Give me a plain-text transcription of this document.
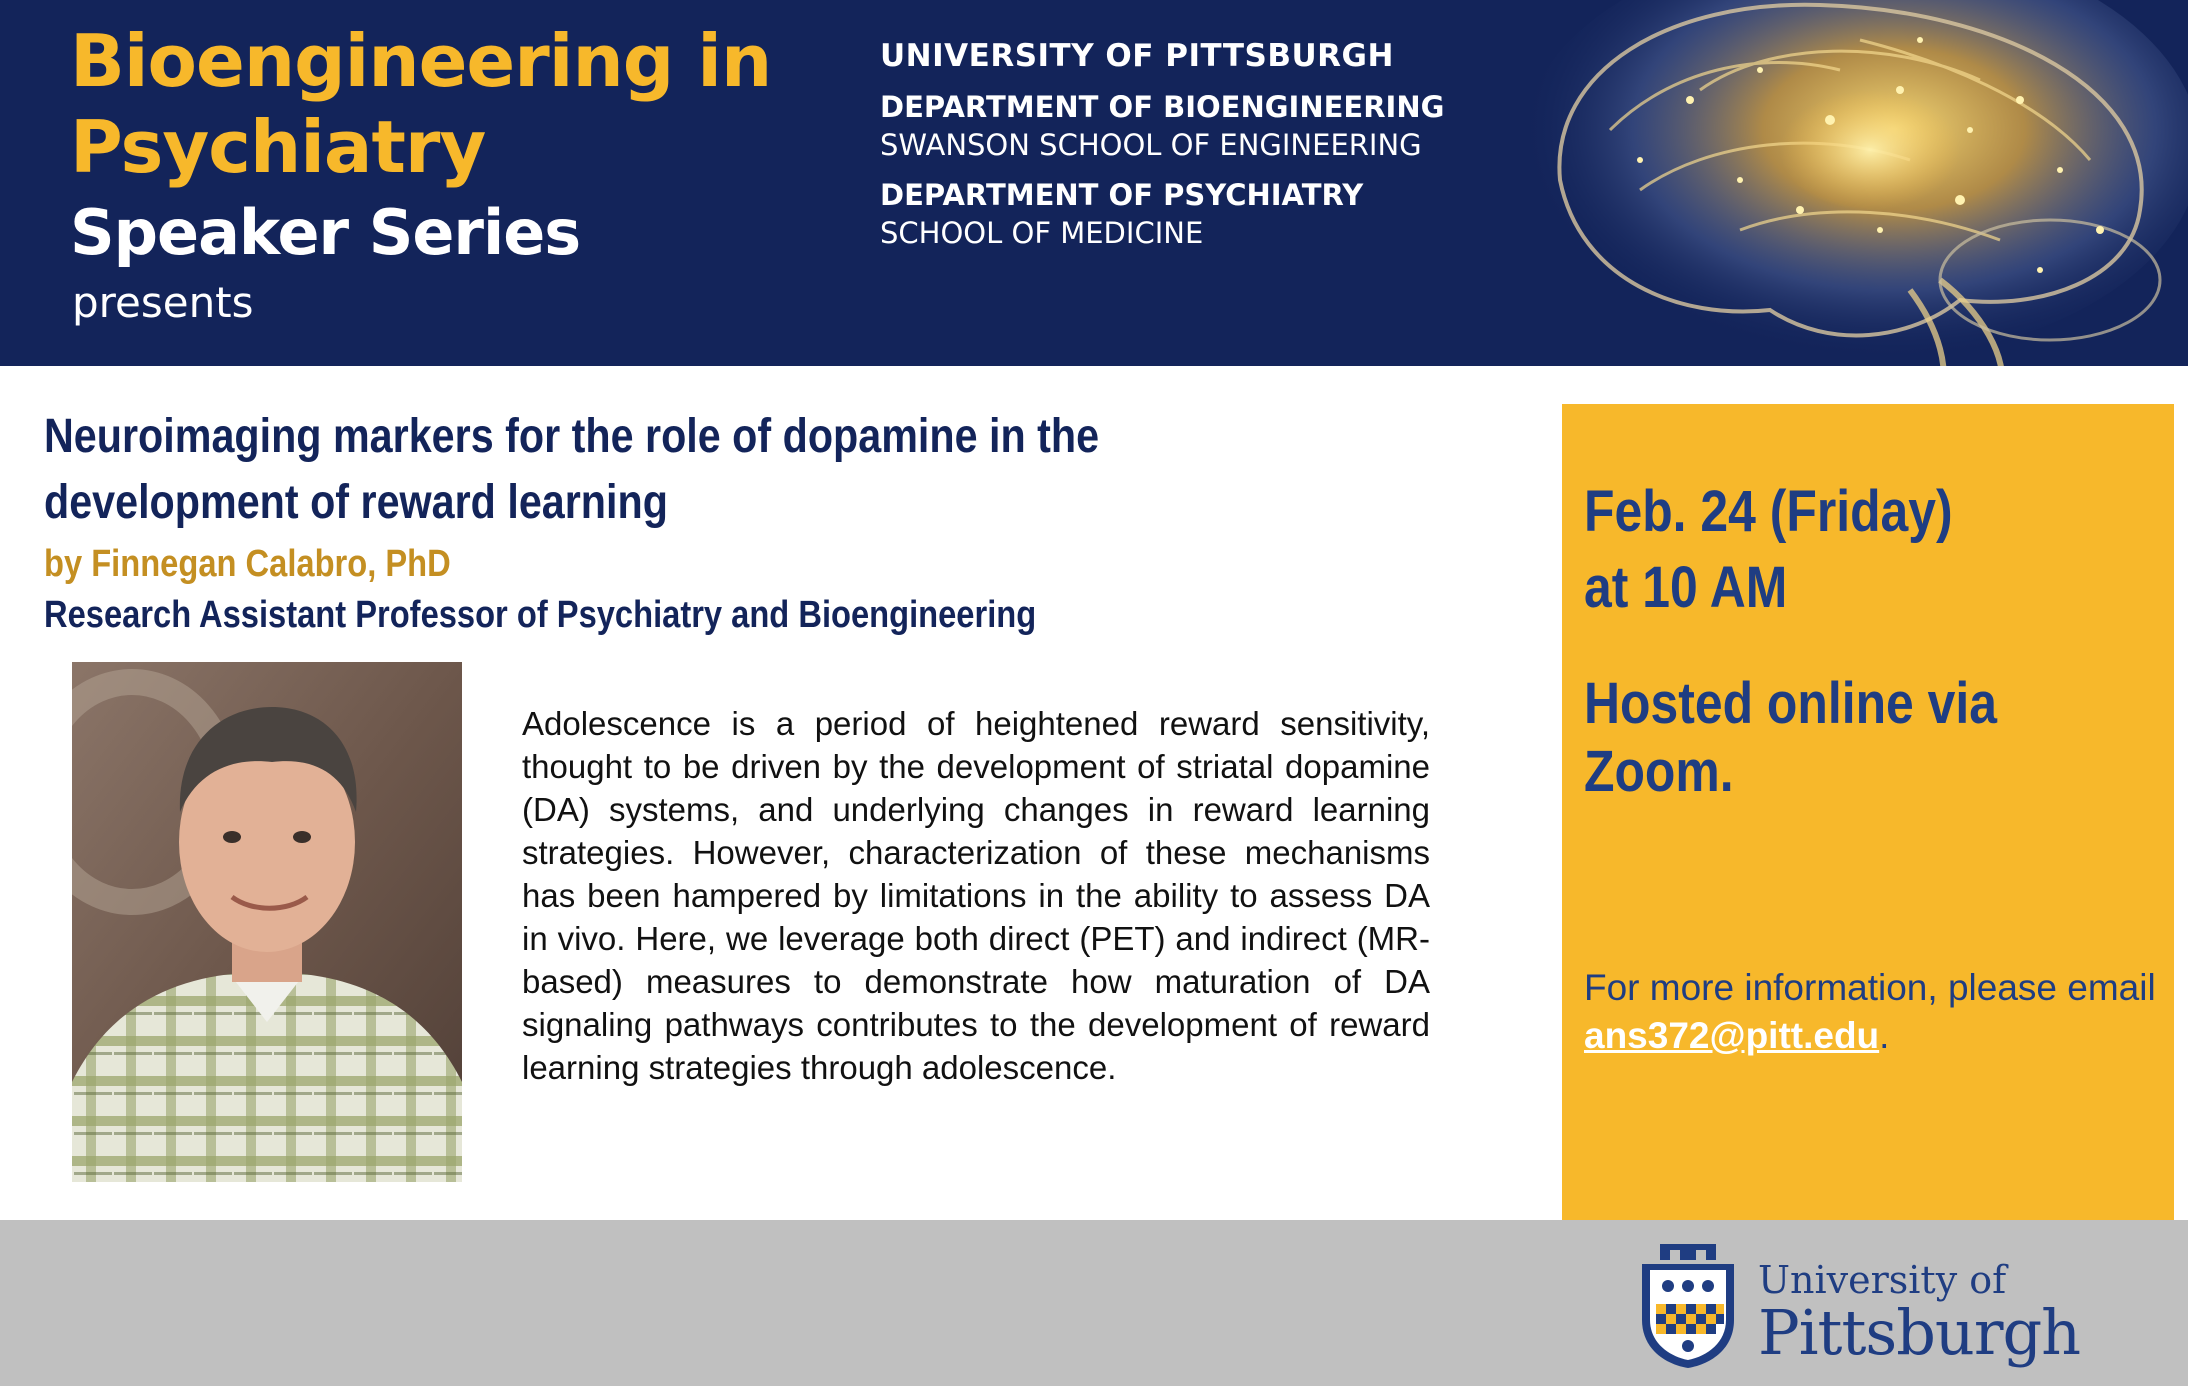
Bioengineering in Psychiatry
Speaker Series
presents
UNIVERSITY OF PITTSBURGH
DEPARTMENT OF BIOENGINEERING
SWANSON SCHOOL OF ENGINEERING
DEPARTMENT OF PSYCHIATRY
SCHOOL OF MEDICINE
Neuroimaging markers for the role of dopamine in the development of reward learning
by Finnegan Calabro, PhD
Research Assistant Professor of Psychiatry and Bioengineering
Adolescence is a period of heightened reward sensitivity, thought to be driven by the development of striatal dopamine (DA) systems, and underlying changes in reward learning strategies. However, characterization of these mechanisms has been hampered by limitations in the ability to assess DA in vivo. Here, we leverage both direct (PET) and indirect (MR-based) measures to demonstrate how maturation of DA signaling pathways contributes to the development of reward learning strategies through adolescence.
Feb. 24 (Friday)
at 10 AM
Hosted online via Zoom.
For more information, please email ans372@pitt.edu.
University of
Pittsburgh
